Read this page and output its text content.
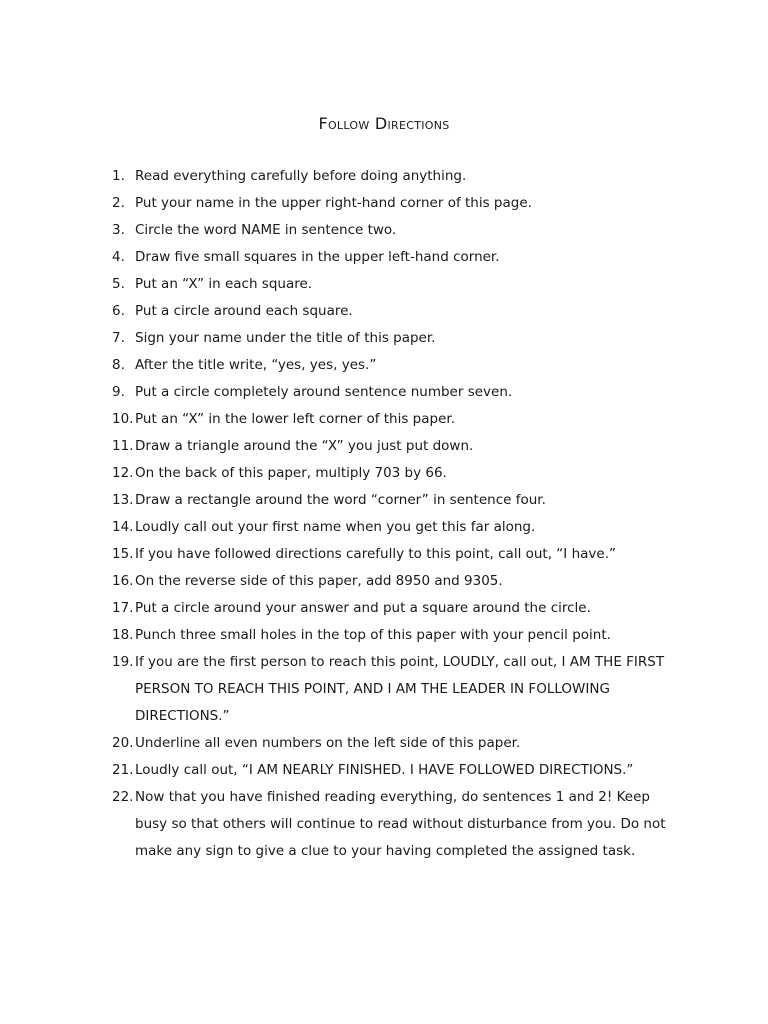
Follow Directions
1. Read everything carefully before doing anything.
2. Put your name in the upper right-hand corner of this page.
3. Circle the word NAME in sentence two.
4. Draw five small squares in the upper left-hand corner.
5. Put an “X” in each square.
6. Put a circle around each square.
7. Sign your name under the title of this paper.
8. After the title write, “yes, yes, yes.”
9. Put a circle completely around sentence number seven.
10. Put an “X” in the lower left corner of this paper.
11. Draw a triangle around the “X” you just put down.
12. On the back of this paper, multiply 703 by 66.
13. Draw a rectangle around the word “corner” in sentence four.
14. Loudly call out your first name when you get this far along.
15. If you have followed directions carefully to this point, call out, “I have.”
16. On the reverse side of this paper, add 8950 and 9305.
17. Put a circle around your answer and put a square around the circle.
18. Punch three small holes in the top of this paper with your pencil point.
19. If you are the first person to reach this point, LOUDLY, call out, I AM THE FIRST PERSON TO REACH THIS POINT, AND I AM THE LEADER IN FOLLOWING DIRECTIONS.”
20. Underline all even numbers on the left side of this paper.
21. Loudly call out, “I AM NEARLY FINISHED. I HAVE FOLLOWED DIRECTIONS.”
22. Now that you have finished reading everything, do sentences 1 and 2! Keep busy so that others will continue to read without disturbance from you. Do not make any sign to give a clue to your having completed the assigned task.
